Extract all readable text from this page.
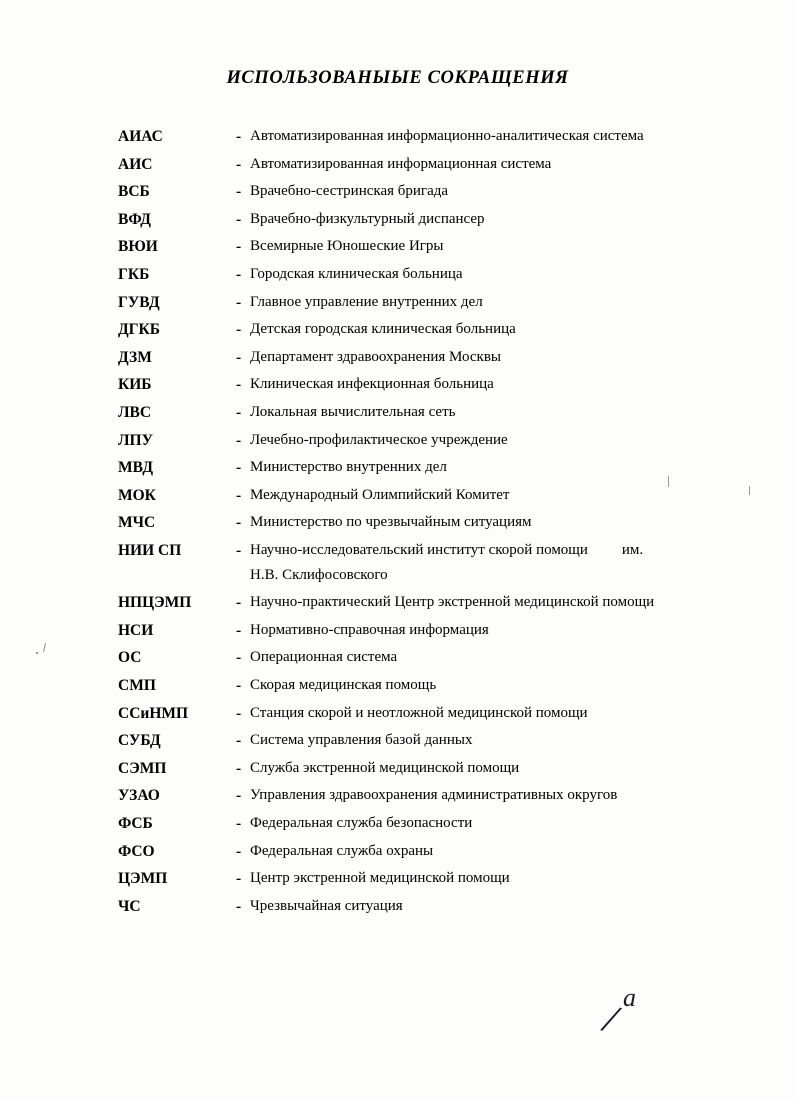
ИСПОЛЬЗОВАНЫЫЕ СОКРАЩЕНИЯ
АИАС	- Автоматизированная информационно-аналитическая система
АИС	- Автоматизированная информационная система
ВСБ	- Врачебно-сестринская бригада
ВФД	- Врачебно-физкультурный диспансер
ВЮИ	- Всемирные Юношеские Игры
ГКБ	- Городская клиническая больница
ГУВД	- Главное управление внутренних дел
ДГКБ	- Детская городская клиническая больница
ДЗМ	- Департамент здравоохранения Москвы
КИБ	- Клиническая инфекционная больница
ЛВС	- Локальная вычислительная сеть
ЛПУ	- Лечебно-профилактическое учреждение
МВД	- Министерство внутренних дел
МОК	- Международный Олимпийский Комитет
МЧС	- Министерство по чрезвычайным ситуациям
НИИ СП	- Научно-исследовательский институт скорой помощи им.
Н.В. Склифосовского
НПЦЭМП	- Научно-практический Центр экстренной медицинской помощи
НСИ	- Нормативно-справочная информация
ОС	- Операционная система
СМП	- Скорая медицинская помощь
ССиНМП	- Станция скорой и неотложной медицинской помощи
СУБД	- Система управления базой данных
СЭМП	- Служба экстренной медицинской помощи
УЗАО	- Управления здравоохранения административных округов
ФСБ	- Федеральная служба безопасности
ФСО	- Федеральная служба охраны
ЦЭМП	- Центр экстренной медицинской помощи
ЧС	- Чрезвычайная ситуация
/ а
